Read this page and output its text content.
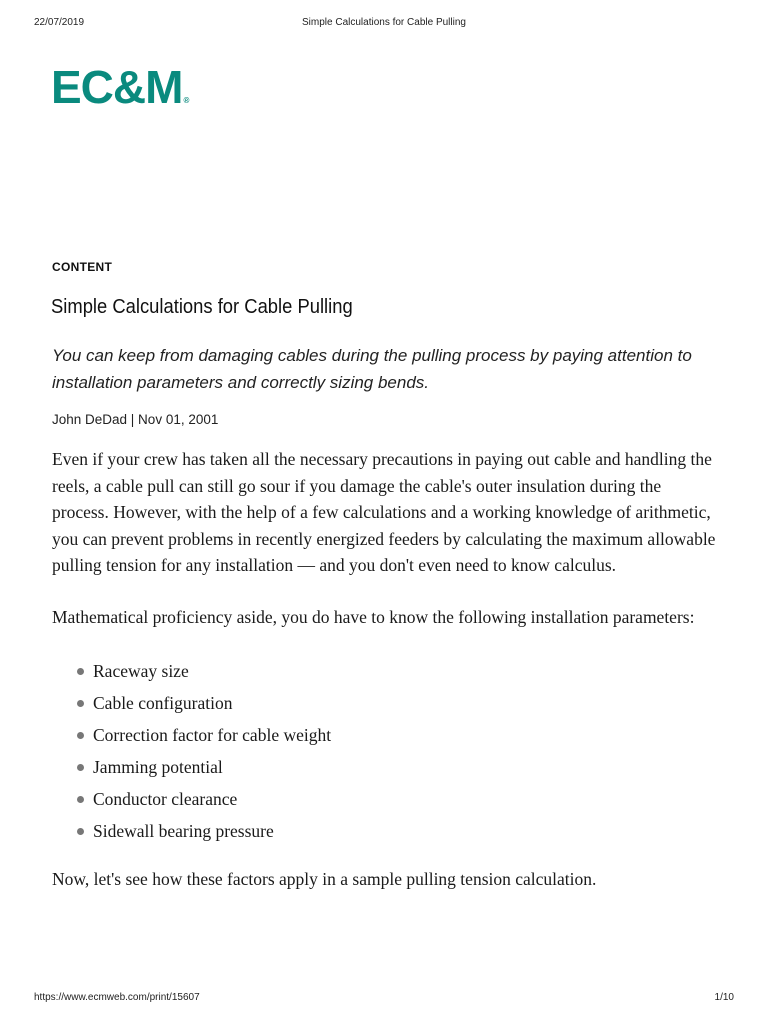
22/07/2019	Simple Calculations for Cable Pulling
EC&M®
CONTENT
Simple Calculations for Cable Pulling

You can keep from damaging cables during the pulling process by paying attention to installation parameters and correctly sizing bends.

John DeDad | Nov 01, 2001

Even if your crew has taken all the necessary precautions in paying out cable and handling the reels, a cable pull can still go sour if you damage the cable's outer insulation during the process. However, with the help of a few calculations and a working knowledge of arithmetic, you can prevent problems in recently energized feeders by calculating the maximum allowable pulling tension for any installation — and you don't even need to know calculus.

Mathematical proficiency aside, you do have to know the following installation parameters:

Raceway size
Cable configuration
Correction factor for cable weight
Jamming potential
Conductor clearance
Sidewall bearing pressure

Now, let's see how these factors apply in a sample pulling tension calculation.

https://www.ecmweb.com/print/15607	1/10
